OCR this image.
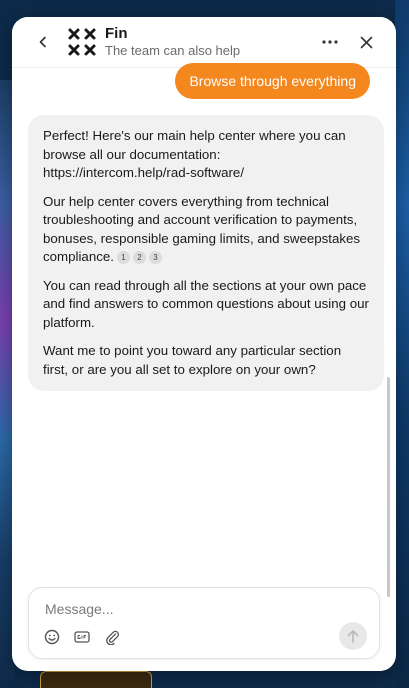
Fin
The team can also help
Browse through everything

Perfect! Here's our main help center where you can browse all our documentation: https://intercom.help/rad-software/

Our help center covers everything from technical troubleshooting and account verification to payments, bonuses, responsible gaming limits, and sweepstakes compliance. 1 2 3

You can read through all the sections at your own pace and find answers to common questions about using our platform.

Want me to point you toward any particular section first, or are you all set to explore on your own?

Message...
